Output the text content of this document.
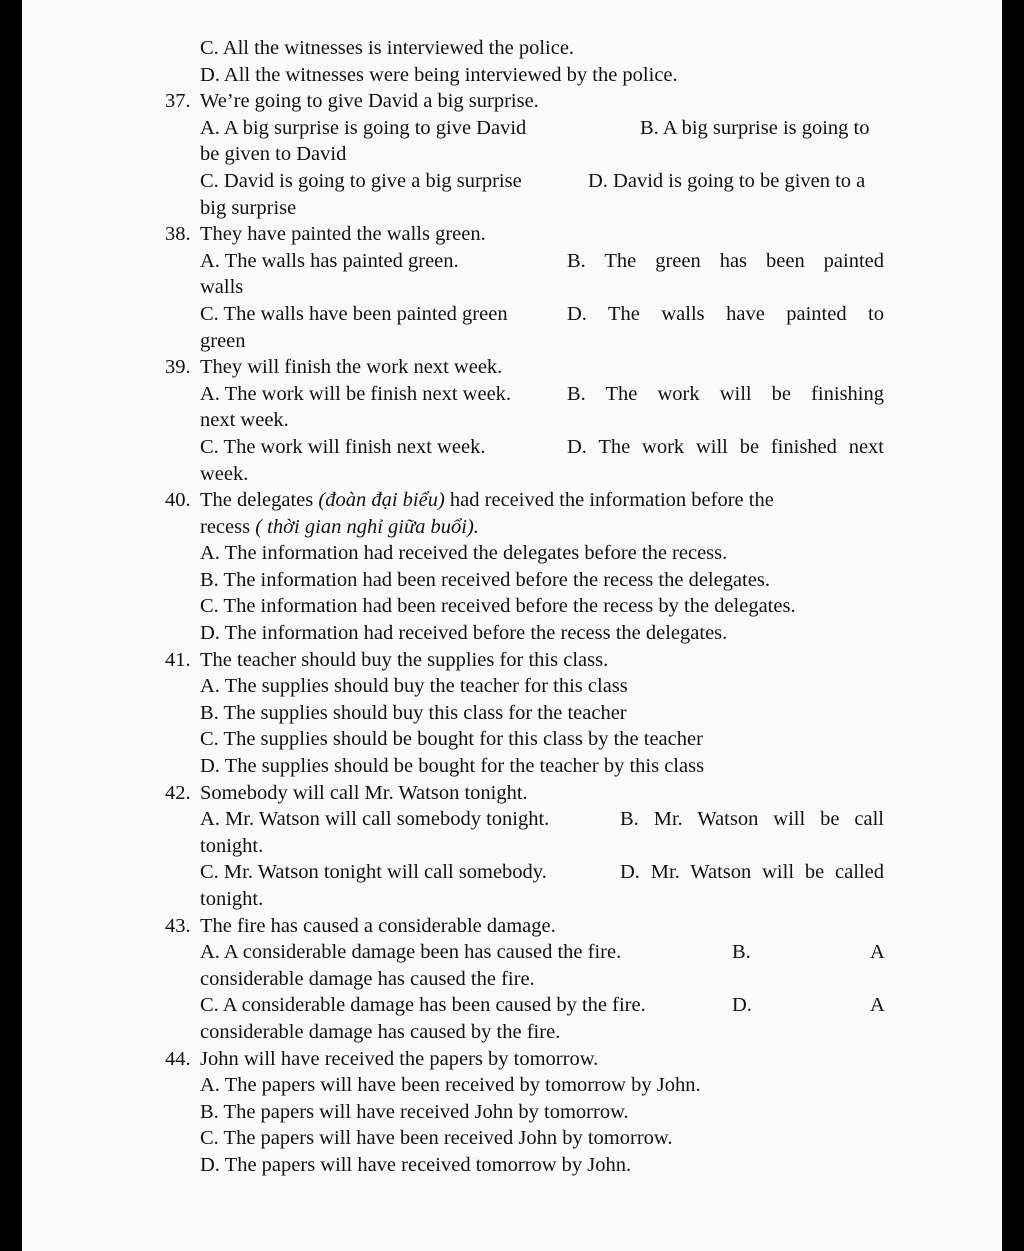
C. All the witnesses is interviewed the police.
D. All the witnesses were being interviewed by the police.
37. We’re going to give David a big surprise.
A. A big surprise is going to give David	B. A big surprise is going to
be given to David
C. David is going to give a big surprise	D. David is going to be given to a
big surprise
38. They have painted the walls green.
A. The walls has painted green.	B. The green has been painted
walls
C. The walls have been painted green	D. The walls have painted to
green
39. They will finish the work next week.
A. The work will be finish next week.	B. The work will be finishing
next week.
C. The work will finish next week.	D. The work will be finished next
week.
40. The delegates (đoàn đại biểu) had received the information before the
recess ( thời gian nghỉ giữa buổi).
A. The information had received the delegates before the recess.
B. The information had been received before the recess the delegates.
C. The information had been received before the recess by the delegates.
D. The information had received before the recess the delegates.
41. The teacher should buy the supplies for this class.
A. The supplies should buy the teacher for this class
B. The supplies should buy this class for the teacher
C. The supplies should be bought for this class by the teacher
D. The supplies should be bought for the teacher by this class
42. Somebody will call Mr. Watson tonight.
A. Mr. Watson will call somebody tonight.	B. Mr. Watson will be call
tonight.
C. Mr. Watson tonight will call somebody.	D. Mr. Watson will be called
tonight.
43. The fire has caused a considerable damage.
A. A considerable damage been has caused the fire.	B.	A
considerable damage has caused the fire.
C. A considerable damage has been caused by the fire.	D.	A
considerable damage has caused by the fire.
44. John will have received the papers by tomorrow.
A. The papers will have been received by tomorrow by John.
B. The papers will have received John by tomorrow.
C. The papers will have been received John by tomorrow.
D. The papers will have received tomorrow by John.
